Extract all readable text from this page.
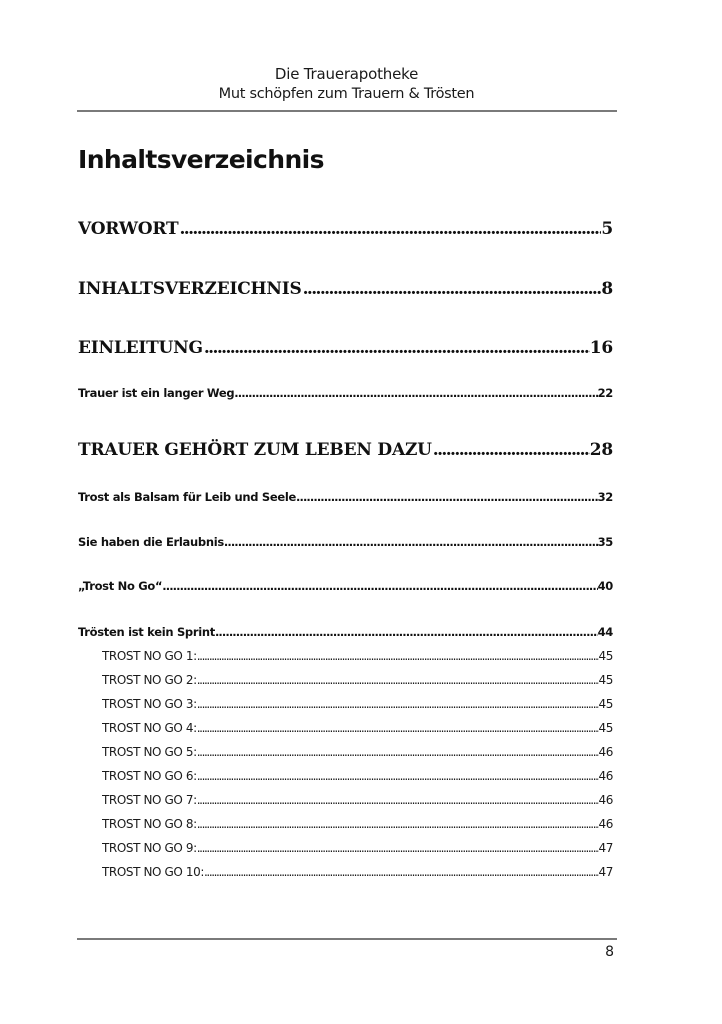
Die Trauerapotheke
Mut schöpfen zum Trauern & Trösten
Inhaltsverzeichnis
VORWORT .....	5
INHALTSVERZEICHNIS .....	8
EINLEITUNG .....	16
Trauer ist ein langer Weg .....	22
TRAUER GEHÖRT ZUM LEBEN DAZU .....	28
Trost als Balsam für Leib und Seele .....	32
Sie haben die Erlaubnis .....	35
„Trost No Go“ .....	40
Trösten ist kein Sprint .....	44
TROST NO GO 1: .....	45
TROST NO GO 2: .....	45
TROST NO GO 3: .....	45
TROST NO GO 4: .....	45
TROST NO GO 5: .....	46
TROST NO GO 6: .....	46
TROST NO GO 7: .....	46
TROST NO GO 8: .....	46
TROST NO GO 9: .....	47
TROST NO GO 10: .....	47
8
